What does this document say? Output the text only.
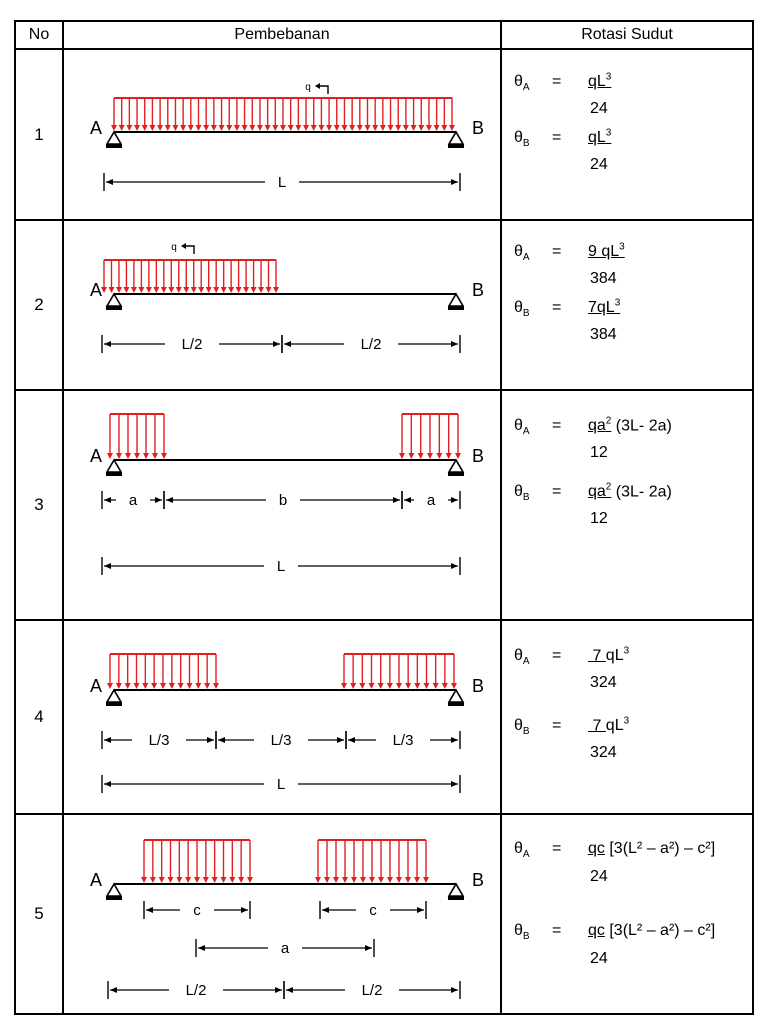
No	Pembebanan	Rotasi Sudut
1	A	B
q
L
$\theta_A = qL^3$
24
$\theta_B = qL^3$
24
2
A	B
q
L/2	L/2
$\theta_A = 9$ $qL^3$
384
$\theta_B = 7qL^3$
384
3
A	B
a	b	a
L
$\theta_A = qa^2$ (3L- 2a)
12
$\theta_B = qa^2$ (3L- 2a)
12
4
A	B
L/3	L/3	L/3
L
$\theta_A = 7$ $qL^3$
324
$\theta_B = 7$ $qL^3$
324
5
A	B
c	c
a
L/2	L/2
$\theta_A$ = qc [3(L² – a²) – c²]
24
$\theta_B$ = qc [3(L² – a²) – c²]
24
